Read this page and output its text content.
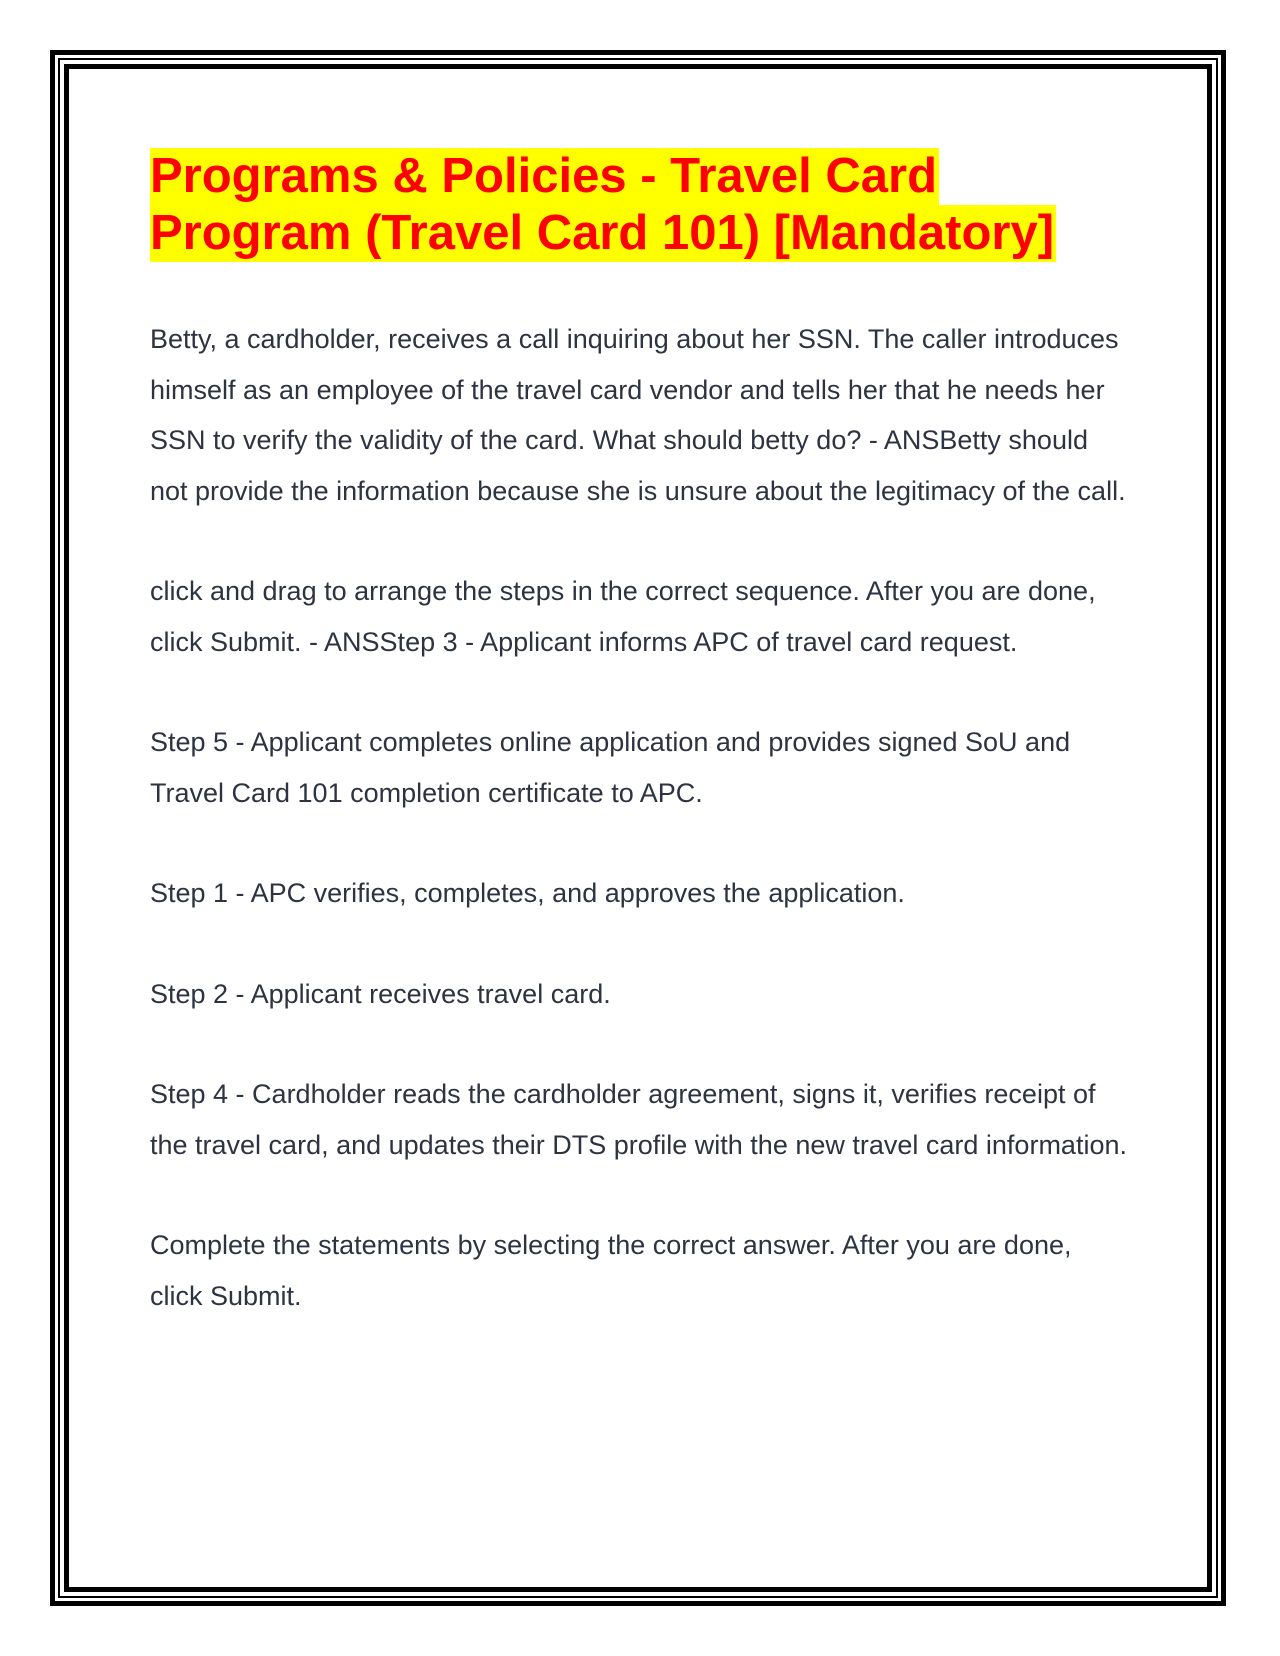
Programs & Policies - Travel Card
Program (Travel Card 101) [Mandatory]

Betty, a cardholder, receives a call inquiring about her SSN. The caller introduces himself as an employee of the travel card vendor and tells her that he needs her SSN to verify the validity of the card. What should betty do? - ANSBetty should not provide the information because she is unsure about the legitimacy of the call.

click and drag to arrange the steps in the correct sequence. After you are done, click Submit. - ANSStep 3 - Applicant informs APC of travel card request.

Step 5 - Applicant completes online application and provides signed SoU and Travel Card 101 completion certificate to APC.

Step 1 - APC verifies, completes, and approves the application.

Step 2 - Applicant receives travel card.

Step 4 - Cardholder reads the cardholder agreement, signs it, verifies receipt of the travel card, and updates their DTS profile with the new travel card information.

Complete the statements by selecting the correct answer. After you are done, click Submit.
